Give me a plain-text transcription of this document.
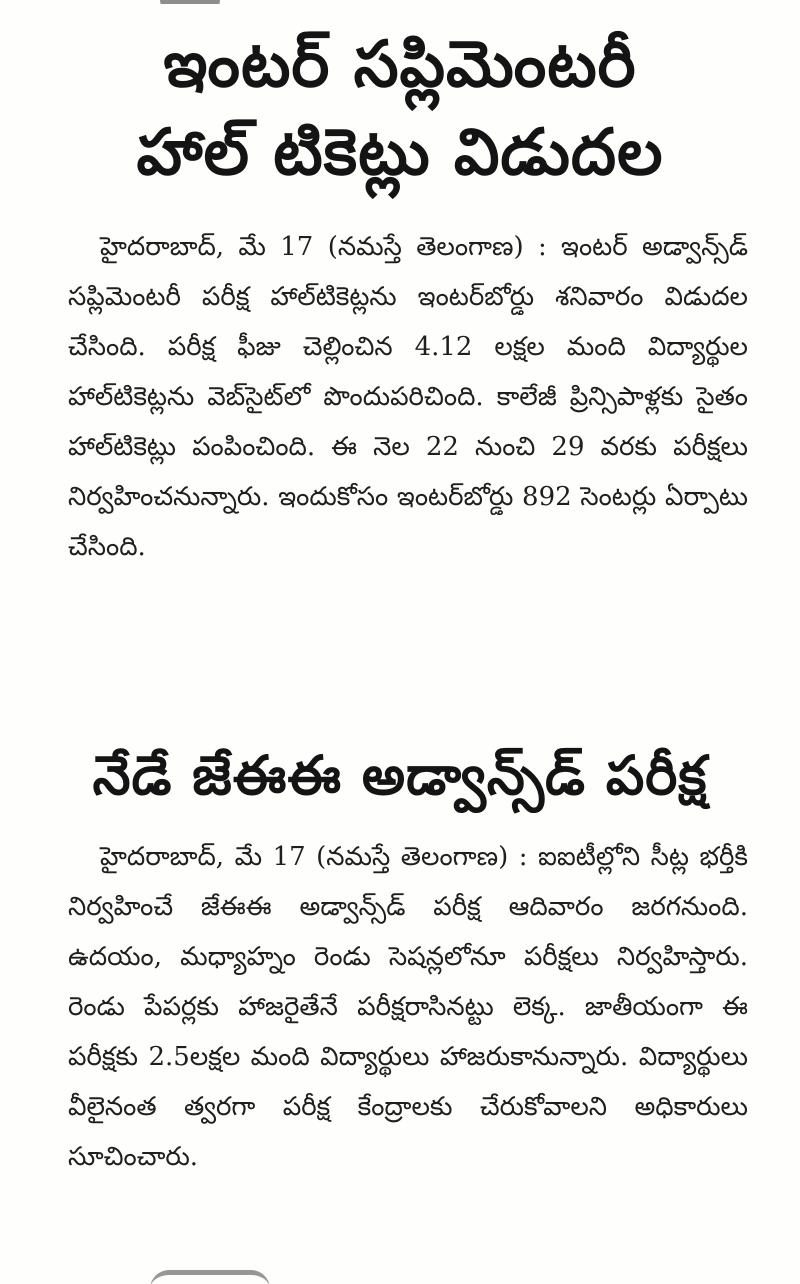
ఇంటర్ సప్లిమెంటరీ
హాల్ టికెట్లు విడుదల

హైదరాబాద్, మే 17 (నమస్తే తెలంగాణ) : ఇంటర్ అడ్వాన్స్‌డ్ సప్లిమెంటరీ పరీక్ష హాల్‌టికెట్లను ఇంటర్‌బోర్డు శనివారం విడుదల చేసింది. పరీక్ష ఫీజు చెల్లించిన 4.12 లక్షల మంది విద్యార్థుల హాల్‌టికెట్లను వెబ్‌సైట్‌లో పొందుపరిచింది. కాలేజీ ప్రిన్సిపాళ్లకు సైతం హాల్‌టికెట్లు పంపించింది. ఈ నెల 22 నుంచి 29 వరకు పరీక్షలు నిర్వహించనున్నారు. ఇందుకోసం ఇంటర్‌బోర్డు 892 సెంటర్లు ఏర్పాటు చేసింది.

నేడే జేఈఈ అడ్వాన్స్‌డ్ పరీక్ష

హైదరాబాద్, మే 17 (నమస్తే తెలంగాణ) : ఐఐటీల్లోని సీట్ల భర్తీకి నిర్వహించే జేఈఈ అడ్వాన్స్‌డ్ పరీక్ష ఆదివారం జరగనుంది. ఉదయం, మధ్యాహ్నం రెండు సెషన్లలోనూ పరీక్షలు నిర్వహిస్తారు. రెండు పేపర్లకు హాజరైతేనే పరీక్షరాసినట్టు లెక్క. జాతీయంగా ఈ పరీక్షకు 2.5లక్షల మంది విద్యార్థులు హాజరుకానున్నారు. విద్యార్థులు వీలైనంత త్వరగా పరీక్ష కేంద్రాలకు చేరుకోవాలని అధికారులు సూచించారు.
